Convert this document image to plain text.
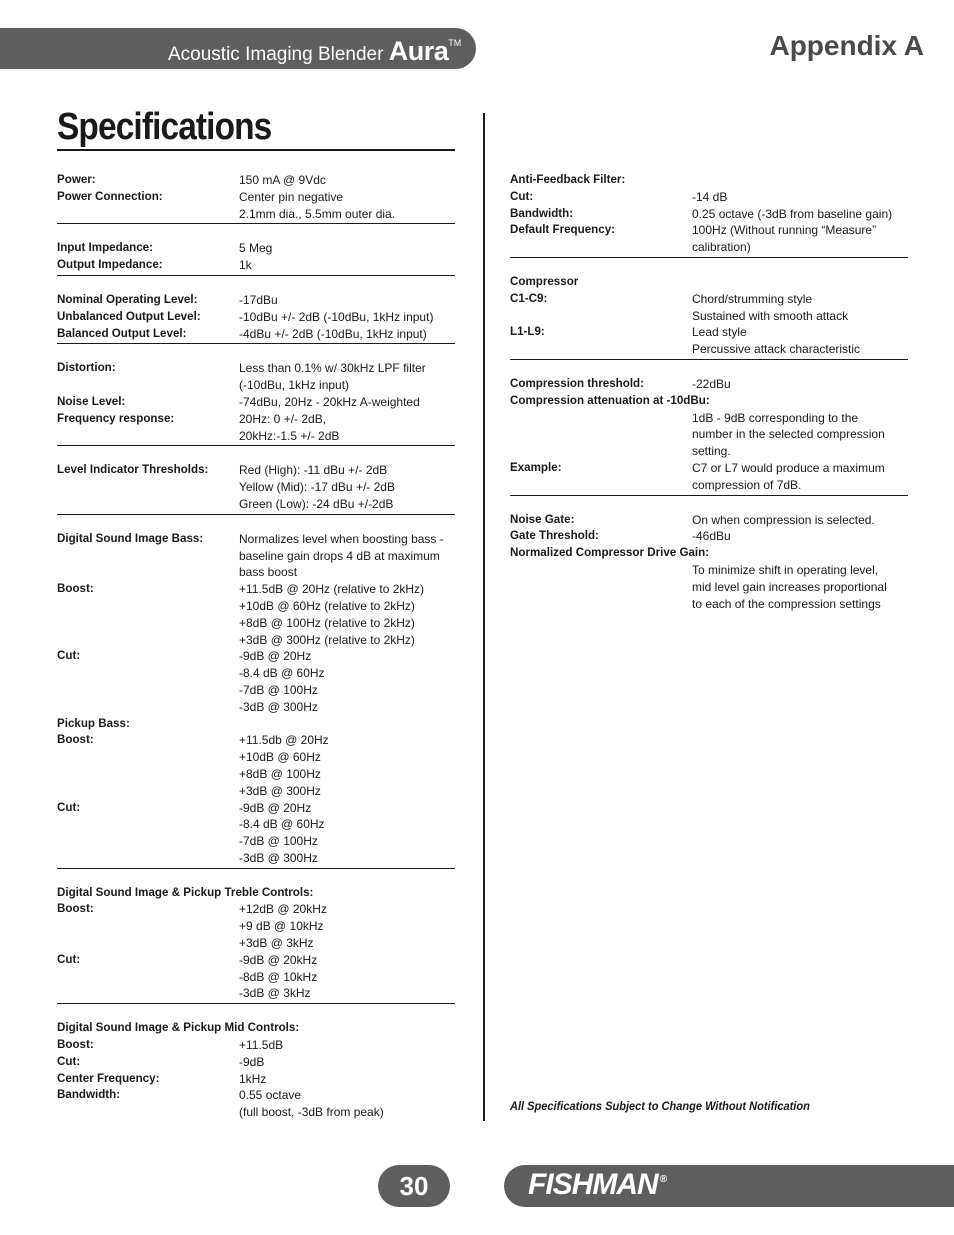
Acoustic Imaging Blender Aura™	Appendix A
Specifications
Power:	150 mA @ 9Vdc
Power Connection:	Center pin negative
2.1mm dia., 5.5mm outer dia.
Input Impedance:	5 Meg
Output Impedance:	1k
Nominal Operating Level:	-17dBu
Unbalanced Output Level:	-10dBu +/- 2dB (-10dBu, 1kHz input)
Balanced Output Level:	-4dBu +/- 2dB (-10dBu, 1kHz input)
Distortion:	Less than 0.1% w/ 30kHz LPF filter
(-10dBu, 1kHz input)
Noise Level:	-74dBu, 20Hz - 20kHz A-weighted
Frequency response:	20Hz: 0 +/- 2dB,
20kHz:-1.5 +/- 2dB
Level Indicator Thresholds:	Red (High): -11 dBu +/- 2dB
Yellow (Mid): -17 dBu +/- 2dB
Green (Low): -24 dBu +/-2dB
Digital Sound Image Bass:	Normalizes level when boosting bass -
baseline gain drops 4 dB at maximum
bass boost
Boost:	+11.5dB @ 20Hz (relative to 2kHz)
+10dB @ 60Hz (relative to 2kHz)
+8dB @ 100Hz (relative to 2kHz)
+3dB @ 300Hz (relative to 2kHz)
Cut:	-9dB @ 20Hz
-8.4 dB @ 60Hz
-7dB @ 100Hz
-3dB @ 300Hz
Pickup Bass:
Boost:	+11.5db @ 20Hz
+10dB @ 60Hz
+8dB @ 100Hz
+3dB @ 300Hz
Cut:	-9dB @ 20Hz
-8.4 dB @ 60Hz
-7dB @ 100Hz
-3dB @ 300Hz
Digital Sound Image & Pickup Treble Controls:
Boost:	+12dB @ 20kHz
+9 dB @ 10kHz
+3dB @ 3kHz
Cut:	-9dB @ 20kHz
-8dB @ 10kHz
-3dB @ 3kHz
Digital Sound Image & Pickup Mid Controls:
Boost:	+11.5dB
Cut:	-9dB
Center Frequency:	1kHz
Bandwidth:	0.55 octave
(full boost, -3dB from peak)
Anti-Feedback Filter:
Cut:	-14 dB
Bandwidth:	0.25 octave (-3dB from baseline gain)
Default Frequency:	100Hz (Without running “Measure”
calibration)
Compressor
C1-C9:	Chord/strumming style
Sustained with smooth attack
L1-L9:	Lead style
Percussive attack characteristic
Compression threshold:	-22dBu
Compression attenuation at -10dBu:
1dB - 9dB corresponding to the
number in the selected compression
setting.
Example:	C7 or L7 would produce a maximum
compression of 7dB.
Noise Gate:	On when compression is selected.
Gate Threshold:	-46dBu
Normalized Compressor Drive Gain:
To minimize shift in operating level,
mid level gain increases proportional
to each of the compression settings
All Specifications Subject to Change Without Notification
30	FISHMAN ®
